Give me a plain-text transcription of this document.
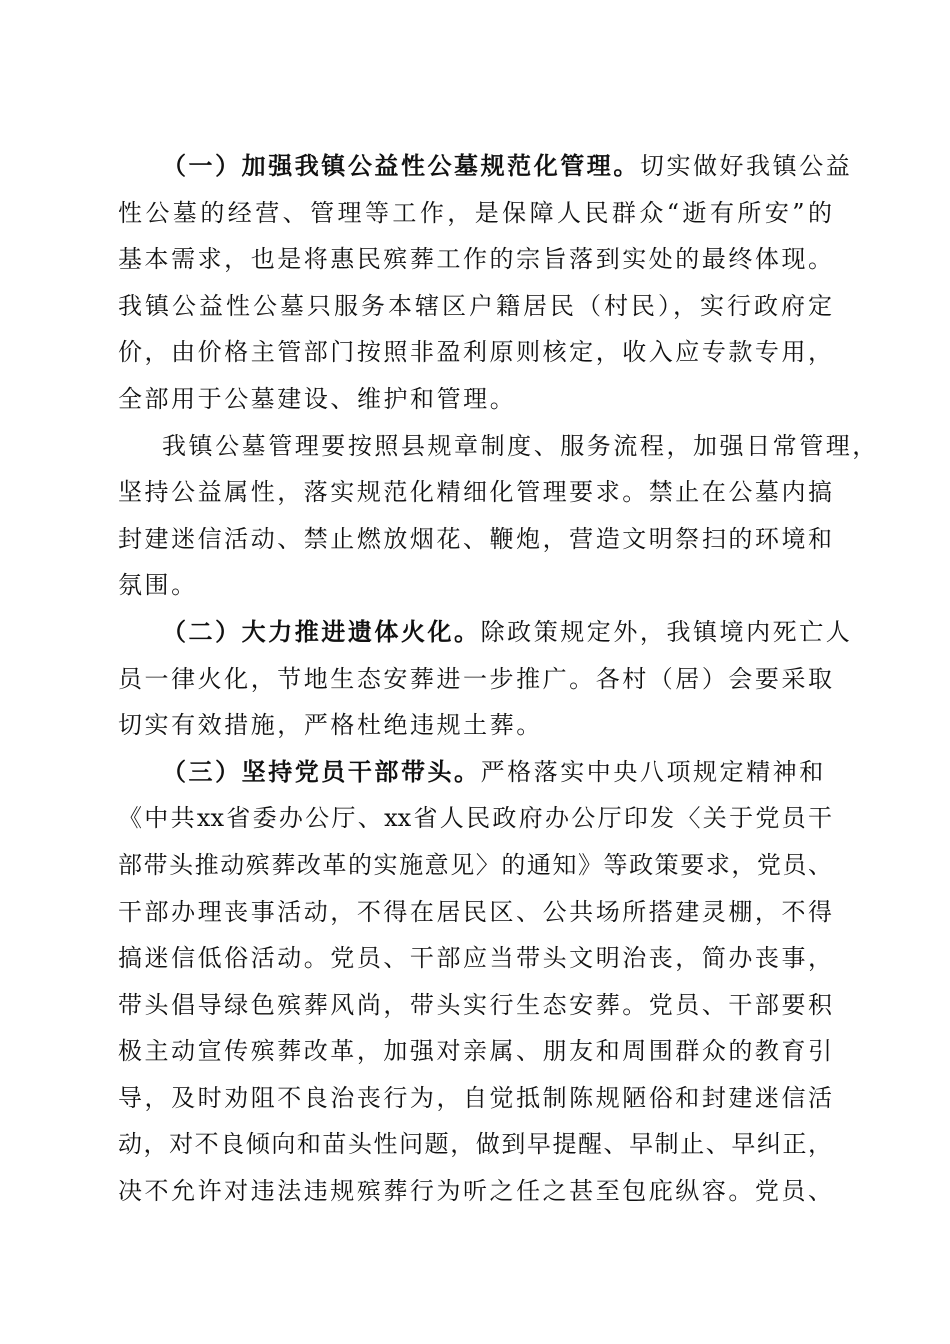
（一）加强我镇公益性公墓规范化管理。切实做好我镇公益
性公墓的经营、管理等工作，是保障人民群众“逝有所安”的
基本需求，也是将惠民殡葬工作的宗旨落到实处的最终体现。
我镇公益性公墓只服务本辖区户籍居民（村民），实行政府定
价，由价格主管部门按照非盈利原则核定，收入应专款专用，
全部用于公墓建设、维护和管理。
我镇公墓管理要按照县规章制度、服务流程，加强日常管理，
坚持公益属性，落实规范化精细化管理要求。禁止在公墓内搞
封建迷信活动、禁止燃放烟花、鞭炮，营造文明祭扫的环境和
氛围。
（二）大力推进遗体火化。除政策规定外，我镇境内死亡人
员一律火化，节地生态安葬进一步推广。各村（居）会要采取
切实有效措施，严格杜绝违规土葬。
（三）坚持党员干部带头。严格落实中央八项规定精神和
《中共xx省委办公厅、xx省人民政府办公厅印发〈关于党员干
部带头推动殡葬改革的实施意见〉的通知》等政策要求，党员、
干部办理丧事活动，不得在居民区、公共场所搭建灵棚，不得
搞迷信低俗活动。党员、干部应当带头文明治丧，简办丧事，
带头倡导绿色殡葬风尚，带头实行生态安葬。党员、干部要积
极主动宣传殡葬改革，加强对亲属、朋友和周围群众的教育引
导，及时劝阻不良治丧行为，自觉抵制陈规陋俗和封建迷信活
动，对不良倾向和苗头性问题，做到早提醒、早制止、早纠正，
决不允许对违法违规殡葬行为听之任之甚至包庇纵容。党员、
